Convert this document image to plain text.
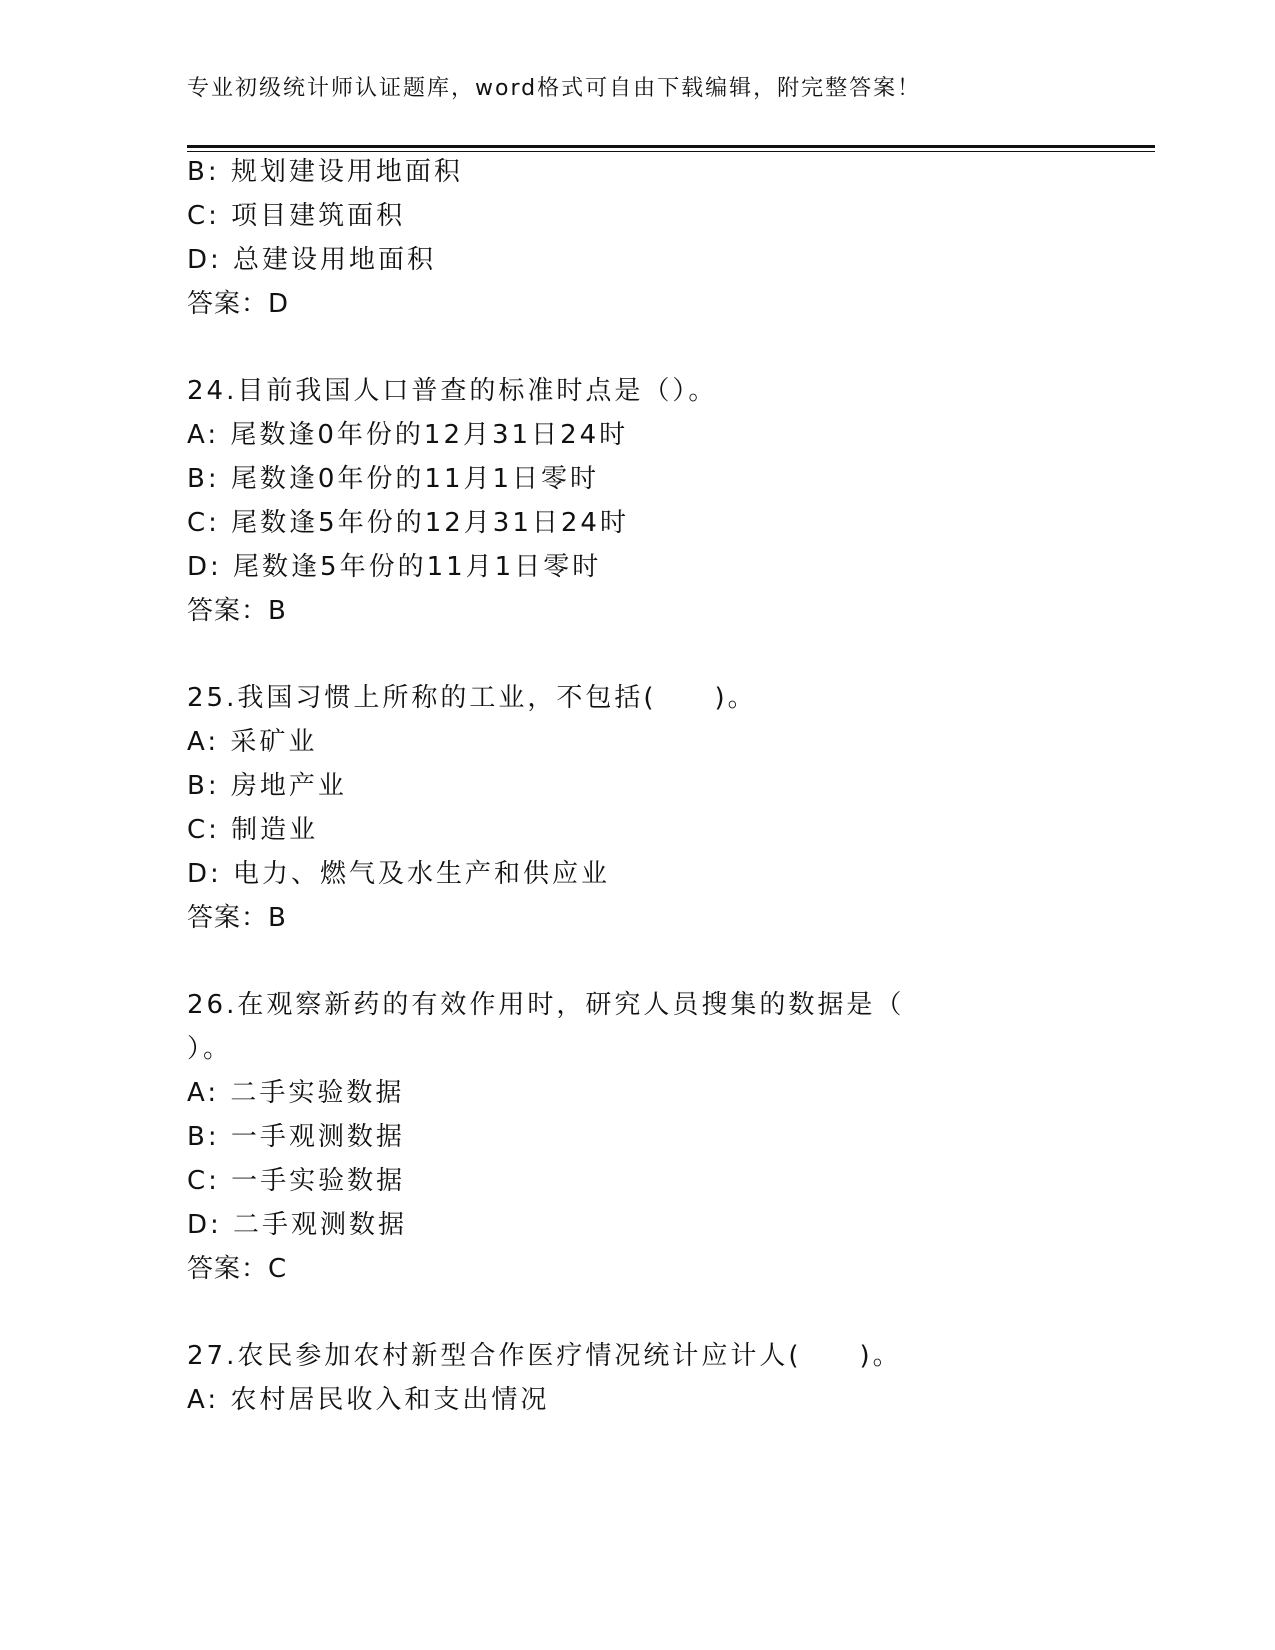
专业初级统计师认证题库，word格式可自由下载编辑，附完整答案！
B: 规划建设用地面积
C: 项目建筑面积
D: 总建设用地面积
答案：D
24.目前我国人口普查的标准时点是（）。
A: 尾数逢0年份的12月31日24时
B: 尾数逢0年份的11月1日零时
C: 尾数逢5年份的12月31日24时
D: 尾数逢5年份的11月1日零时
答案：B
25.我国习惯上所称的工业，不包括(　　)。
A: 采矿业
B: 房地产业
C: 制造业
D: 电力、燃气及水生产和供应业
答案：B
26.在观察新药的有效作用时，研究人员搜集的数据是（
）。
A: 二手实验数据
B: 一手观测数据
C: 一手实验数据
D: 二手观测数据
答案：C
27.农民参加农村新型合作医疗情况统计应计人(　　)。
A: 农村居民收入和支出情况
